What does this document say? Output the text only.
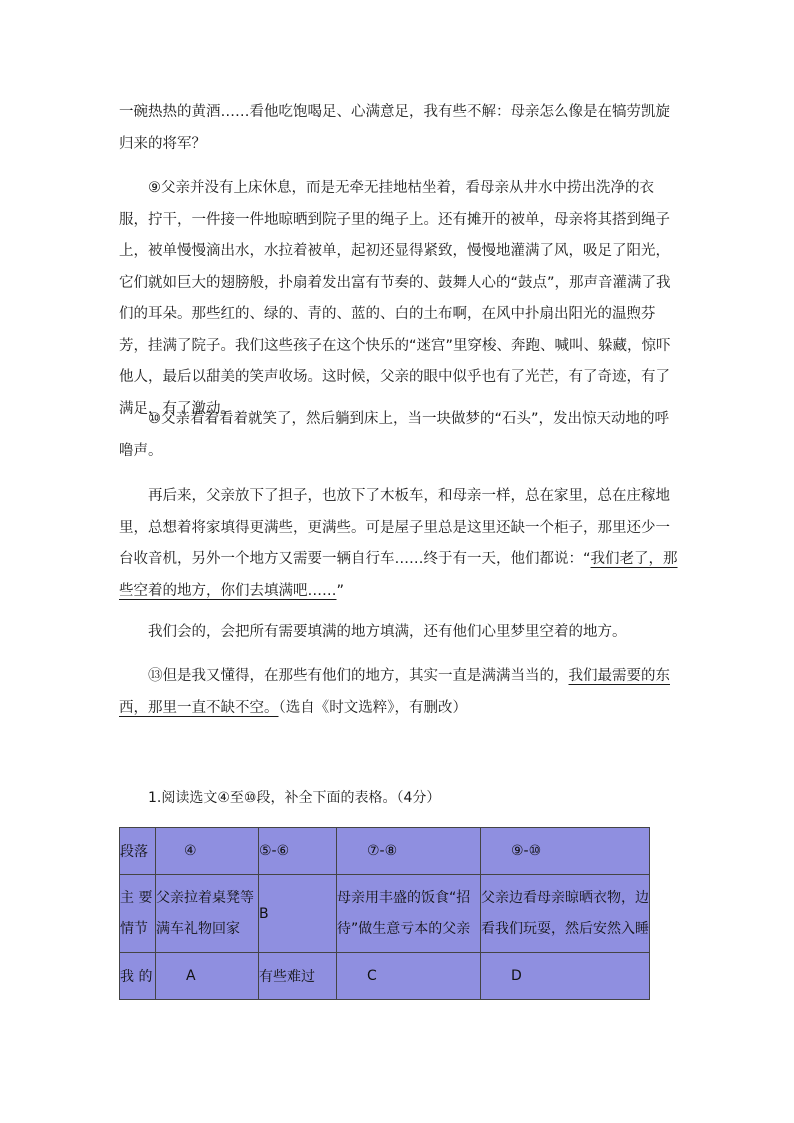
一碗热热的黄酒……看他吃饱喝足、心满意足，我有些不解：母亲怎么像是在犒劳凯旋归来的将军？

⑨父亲并没有上床休息，而是无牵无挂地枯坐着，看母亲从井水中捞出洗净的衣服，拧干，一件接一件地晾晒到院子里的绳子上。还有摊开的被单，母亲将其搭到绳子上，被单慢慢滴出水，水拉着被单，起初还显得紧致，慢慢地灌满了风，吸足了阳光，它们就如巨大的翅膀般，扑扇着发出富有节奏的、鼓舞人心的“鼓点”，那声音灌满了我们的耳朵。那些红的、绿的、青的、蓝的、白的土布啊，在风中扑扇出阳光的温煦芬芳，挂满了院子。我们这些孩子在这个快乐的“迷宫”里穿梭、奔跑、喊叫、躲藏，惊吓他人，最后以甜美的笑声收场。这时候，父亲的眼中似乎也有了光芒，有了奇迹，有了满足，有了激动。

⑩父亲看着看着就笑了，然后躺到床上，当一块做梦的“石头”，发出惊天动地的呼噜声。

再后来，父亲放下了担子，也放下了木板车，和母亲一样，总在家里，总在庄稼地里，总想着将家填得更满些，更满些。可是屋子里总是这里还缺一个柜子，那里还少一台收音机，另外一个地方又需要一辆自行车……终于有一天，他们都说：“我们老了，那些空着的地方，你们去填满吧……”

我们会的，会把所有需要填满的地方填满，还有他们心里梦里空着的地方。

⑬但是我又懂得，在那些有他们的地方，其实一直是满满当当的，我们最需要的东西，那里一直不缺不空。（选自《时文选粹》，有删改）

1.阅读选文④至⑩段，补全下面的表格。（4分）
段落	④	⑤-⑥	⑦-⑧	⑨-⑩
主 要情节	父亲拉着桌凳等满车礼物回家	B	母亲用丰盛的饭食“招待”做生意亏本的父亲	父亲边看母亲晾晒衣物，边看我们玩耍，然后安然入睡
我 的	A	有些难过	C	D
